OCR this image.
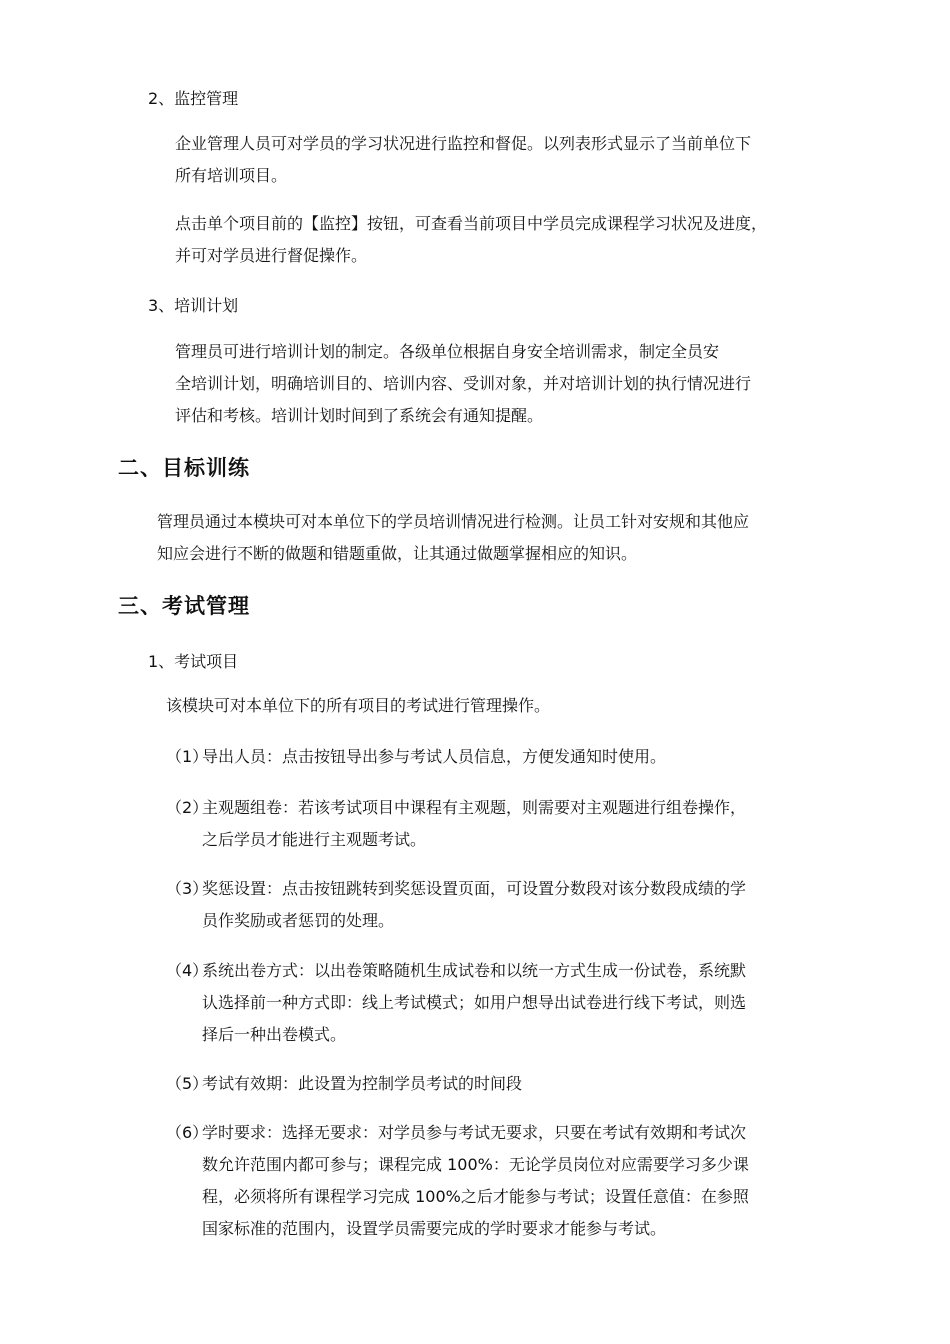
2、监控管理
企业管理人员可对学员的学习状况进行监控和督促。以列表形式显示了当前单位下
所有培训项目。
点击单个项目前的【监控】按钮，可查看当前项目中学员完成课程学习状况及进度，
并可对学员进行督促操作。
3、培训计划
管理员可进行培训计划的制定。各级单位根据自身安全培训需求，制定全员安
全培训计划，明确培训目的、培训内容、受训对象，并对培训计划的执行情况进行
评估和考核。培训计划时间到了系统会有通知提醒。
二、目标训练
管理员通过本模块可对本单位下的学员培训情况进行检测。让员工针对安规和其他应
知应会进行不断的做题和错题重做，让其通过做题掌握相应的知识。
三、考试管理
1、考试项目
该模块可对本单位下的所有项目的考试进行管理操作。
（1）
导出人员：点击按钮导出参与考试人员信息，方便发通知时使用。
（2）
主观题组卷：若该考试项目中课程有主观题，则需要对主观题进行组卷操作，
之后学员才能进行主观题考试。
（3）
奖惩设置：点击按钮跳转到奖惩设置页面，可设置分数段对该分数段成绩的学
员作奖励或者惩罚的处理。
（4）
系统出卷方式：以出卷策略随机生成试卷和以统一方式生成一份试卷，系统默
认选择前一种方式即：线上考试模式；如用户想导出试卷进行线下考试，则选
择后一种出卷模式。
（5）
考试有效期：此设置为控制学员考试的时间段
（6）
学时要求：选择无要求：对学员参与考试无要求，只要在考试有效期和考试次
数允许范围内都可参与；课程完成 100%：无论学员岗位对应需要学习多少课
程，必须将所有课程学习完成 100%之后才能参与考试；设置任意值：在参照
国家标准的范围内，设置学员需要完成的学时要求才能参与考试。
